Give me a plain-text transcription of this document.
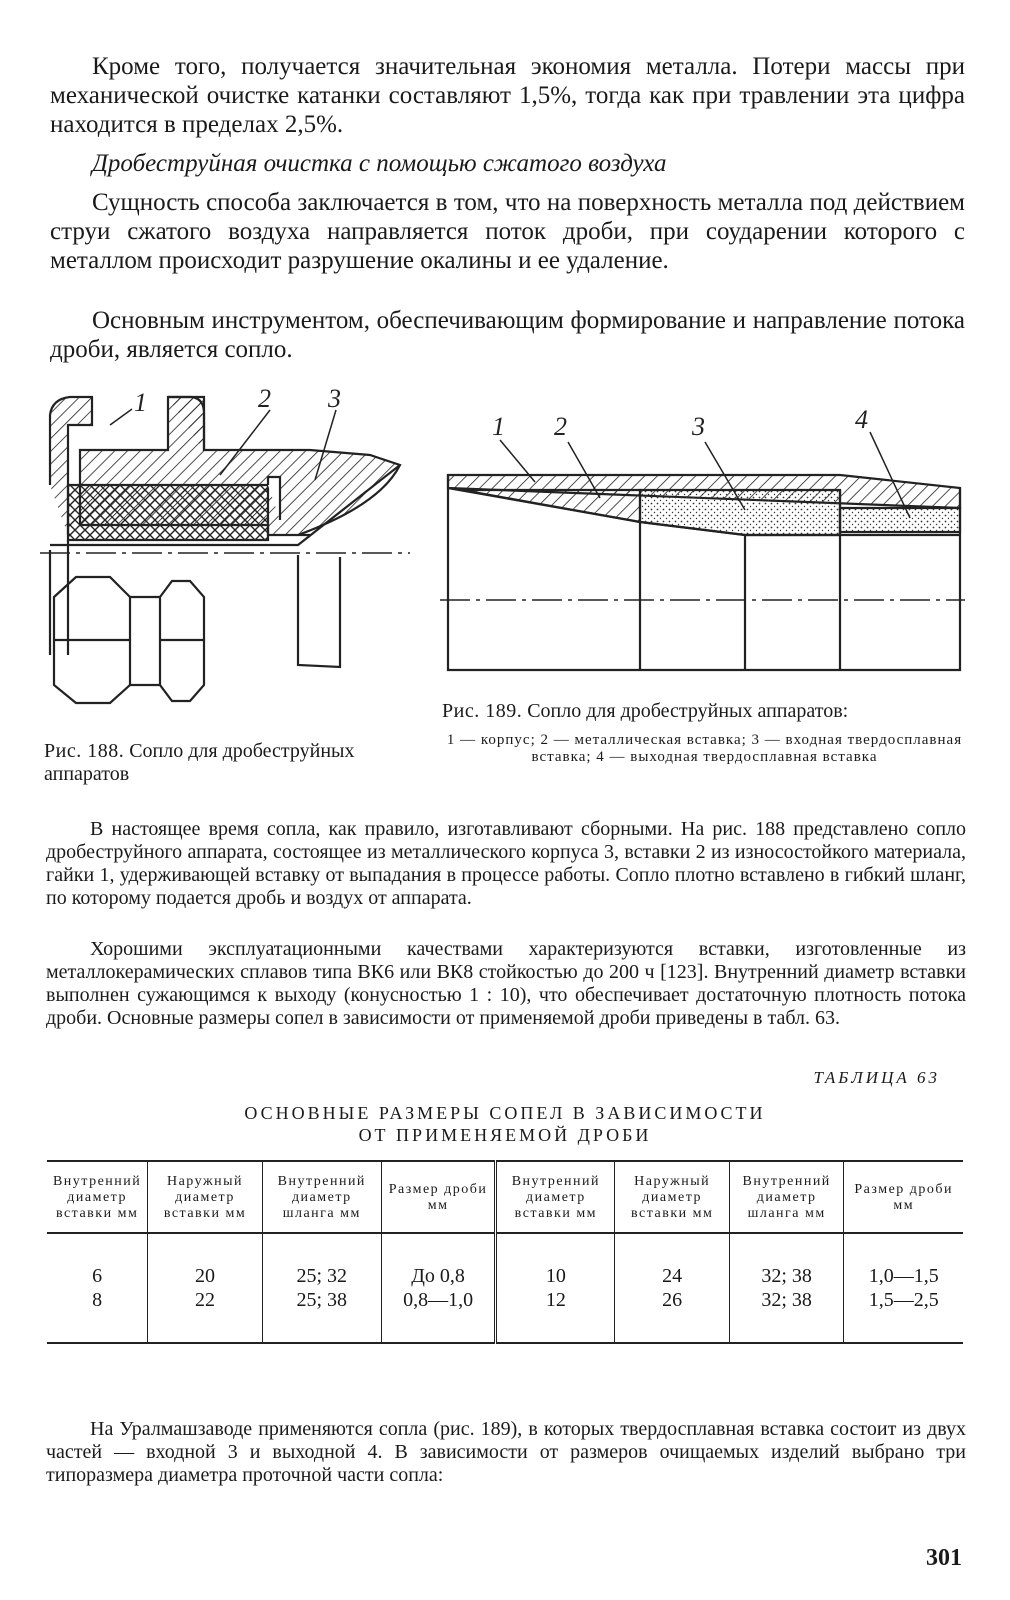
Кроме того, получается значительная экономия металла. Потери массы при механической очистке катанки составляют 1,5%, тогда как при травлении эта цифра находится в пределах 2,5%.

Дробеструйная очистка с помощью сжатого воздуха

Сущность способа заключается в том, что на поверхность металла под действием струи сжатого воздуха направляется поток дроби, при соударении которого с металлом происходит разрушение окалины и ее удаление.

Основным инструментом, обеспечивающим формирование и направление потока дроби, является сопло.

1	2 3
Рис. 188. Сопло для дробеструйных аппаратов
1 2	3	4
Рис. 189. Сопло для дробеструйных аппаратов:

1 — корпус; 2 — металлическая вставка; 3 — входная твердосплавная вставка; 4 — выходная твердосплавная вставка

В настоящее время сопла, как правило, изготавливают сборными. На рис. 188 представлено сопло дробеструйного аппарата, состоящее из металлического корпуса 3, вставки 2 из износостойкого материала, гайки 1, удерживающей вставку от выпадания в процессе работы. Сопло плотно вставлено в гибкий шланг, по которому подается дробь и воздух от аппарата.

Хорошими эксплуатационными качествами характеризуются вставки, изготовленные из металлокерамических сплавов типа ВК6 или ВК8 стойкостью до 200 ч [123]. Внутренний диаметр вставки выполнен сужающимся к выходу (конусностью 1 : 10), что обеспечивает достаточную плотность потока дроби. Основные размеры сопел в зависимости от применяемой дроби приведены в табл. 63.

ТАБЛИЦА 63

ОСНОВНЫЕ РАЗМЕРЫ СОПЕЛ В ЗАВИСИМОСТИ
ОТ ПРИМЕНЯЕМОЙ ДРОБИ
Внутренний диаметр вставки мм	Наружный диаметр вставки мм	Внутренний диаметр шланга мм	Размер дроби мм	Внутренний диаметр вставки мм	Наружный диаметр вставки мм	Внутренний диаметр шланга мм	Размер дроби мм
6	20	25; 32	До 0,8	10	24	32; 38	1,0—1,5
8	22	25; 38	0,8—1,0	12	26	32; 38	1,5—2,5

На Уралмашзаводе применяются сопла (рис. 189), в которых твердосплавная вставка состоит из двух частей — входной 3 и выходной 4. В зависимости от размеров очищаемых изделий выбрано три типоразмера диаметра проточной части сопла:

301
